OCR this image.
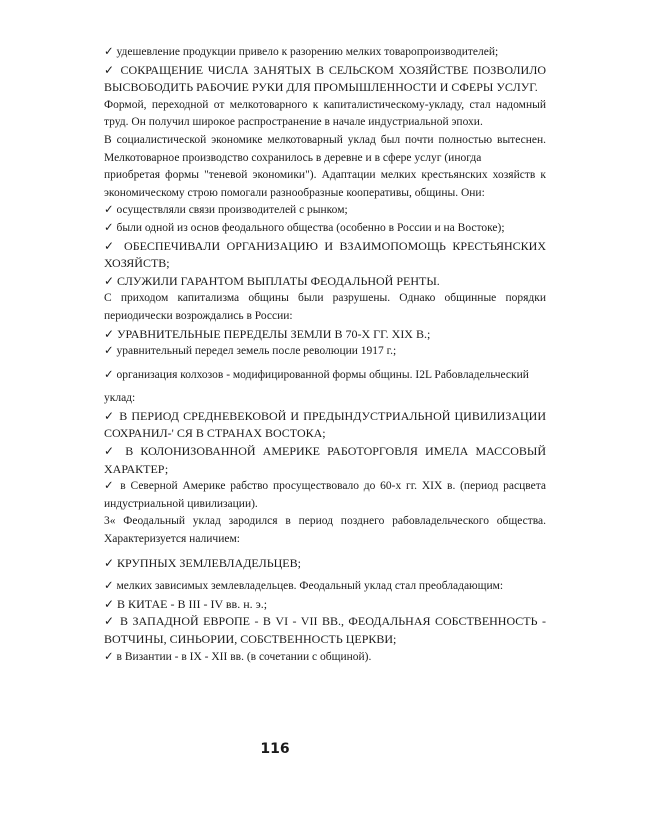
✓ удешевление продукции привело к разорению мелких товаропроизводителей;
✓ СОКРАЩЕНИЕ ЧИСЛА ЗАНЯТЫХ В СЕЛЬСКОМ ХОЗЯЙСТВЕ ПОЗВОЛИЛО
ВЫСВОБОДИТЬ РАБОЧИЕ РУКИ ДЛЯ ПРОМЫШЛЕННОСТИ И СФЕРЫ УСЛУГ.
Формой, переходной от мелкотоварного к капиталистическому-укладу, стал надомный
труд. Он получил широкое распространение в начале индустриальной эпохи.
В социалистической экономике мелкотоварный уклад был почти полностью вытеснен.
Мелкотоварное производство сохранилось в деревне и в сфере услуг (иногда
приобретая формы "теневой экономики"). Адаптации мелких крестьянских хозяйств к
экономическому строю помогали разнообразные кооперативы, общины. Они:
✓ осуществляли связи производителей с рынком;
✓ были одной из основ феодального общества (особенно в России и на Востоке);
✓ ОБЕСПЕЧИВАЛИ ОРГАНИЗАЦИЮ И ВЗАИМОПОМОЩЬ КРЕСТЬЯНСКИХ
ХОЗЯЙСТВ;
✓ СЛУЖИЛИ ГАРАНТОМ ВЫПЛАТЫ ФЕОДАЛЬНОЙ РЕНТЫ.
С приходом капитализма общины были разрушены. Однако общинные порядки
периодически возрождались в России:
✓ УРАВНИТЕЛЬНЫЕ ПЕРЕДЕЛЫ ЗЕМЛИ В 70-Х ГГ. XIX В.;
✓ уравнительный передел земель после революции 1917 г.;
✓ организация колхозов - модифицированной формы общины. I2L Рабовладельческий
уклад:
✓ В ПЕРИОД СРЕДНЕВЕКОВОЙ И ПРЕДЫНДУСТРИАЛЬНОЙ ЦИВИЛИЗАЦИИ
СОХРАНИЛ-' СЯ В СТРАНАХ ВОСТОКА;
✓ В КОЛОНИЗОВАННОЙ АМЕРИКЕ РАБОТОРГОВЛЯ ИМЕЛА МАССОВЫЙ
ХАРАКТЕР;
✓ в Северной Америке рабство просуществовало до 60-х гг. XIX в. (период расцвета
индустриальной цивилизации).
3« Феодальный уклад зародился в период позднего рабовладельческого общества.
Характеризуется наличием:
✓ КРУПНЫХ ЗЕМЛЕВЛАДЕЛЬЦЕВ;
✓ мелких зависимых землевладельцев. Феодальный уклад стал преобладающим:
✓ В КИТАЕ - В III - IV вв. н. э.;
✓ В ЗАПАДНОЙ ЕВРОПЕ - В VI - VII ВВ., ФЕОДАЛЬНАЯ СОБСТВЕННОСТЬ -
ВОТЧИНЫ, СИНЬОРИИ, СОБСТВЕННОСТЬ ЦЕРКВИ;
✓ в Византии - в IX - XII вв. (в сочетании с общиной).
116
